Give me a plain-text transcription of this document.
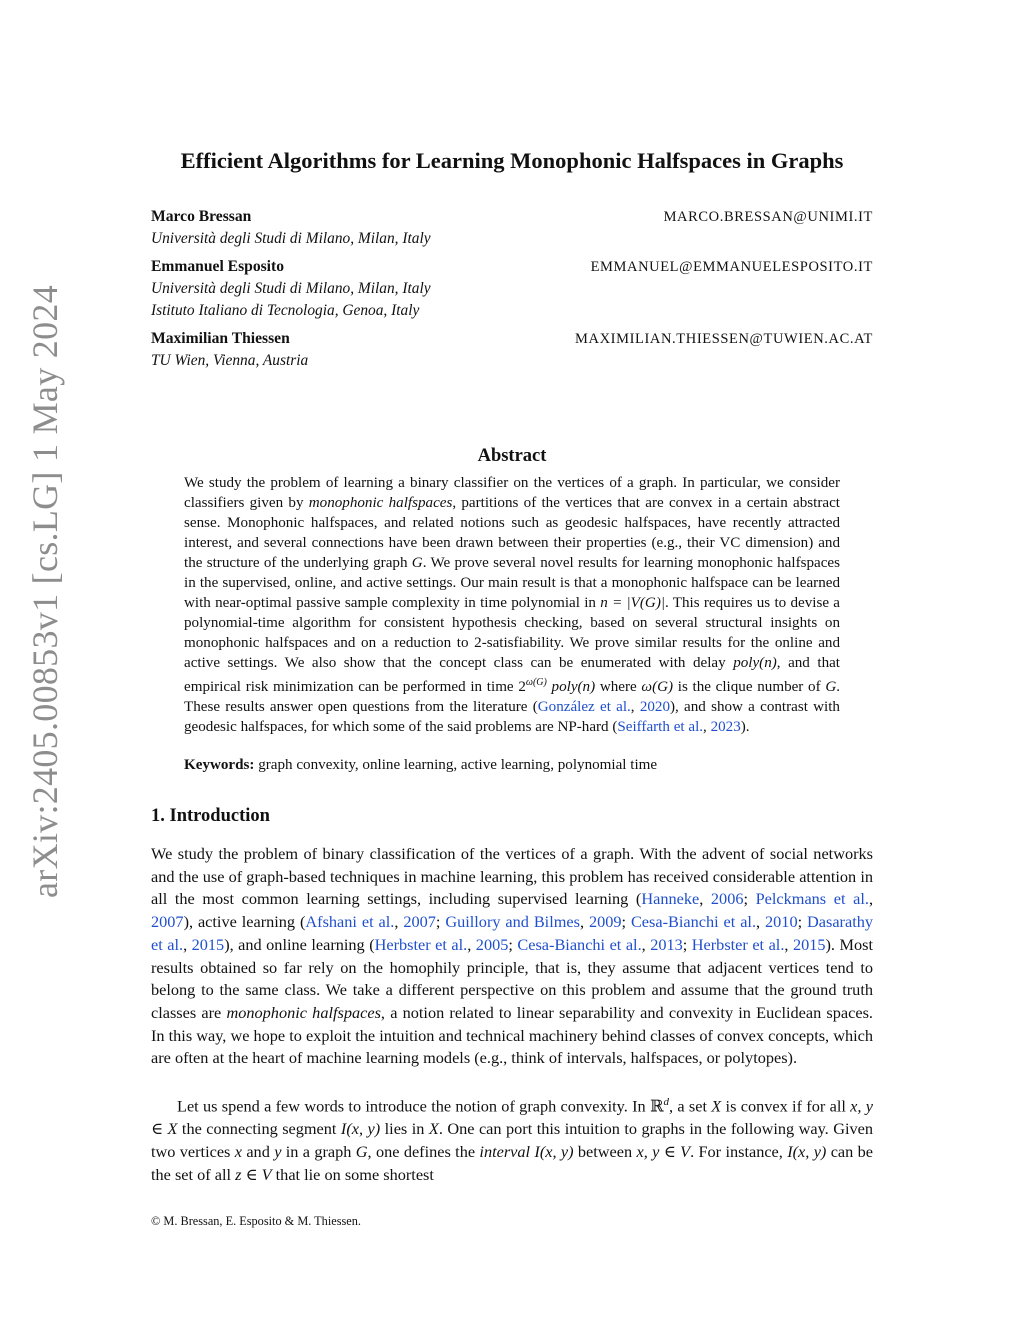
arXiv:2405.00853v1 [cs.LG] 1 May 2024
Efficient Algorithms for Learning Monophonic Halfspaces in Graphs
Marco Bressan	MARCO.BRESSAN@UNIMI.IT
Università degli Studi di Milano, Milan, Italy
Emmanuel Esposito	EMMANUEL@EMMANUELESPOSITO.IT
Università degli Studi di Milano, Milan, Italy
Istituto Italiano di Tecnologia, Genoa, Italy
Maximilian Thiessen	MAXIMILIAN.THIESSEN@TUWIEN.AC.AT
TU Wien, Vienna, Austria
Abstract

We study the problem of learning a binary classifier on the vertices of a graph. In particular, we consider classifiers given by monophonic halfspaces, partitions of the vertices that are convex in a certain abstract sense. Monophonic halfspaces, and related notions such as geodesic halfspaces, have recently attracted interest, and several connections have been drawn between their properties (e.g., their VC dimension) and the structure of the underlying graph G. We prove several novel results for learning monophonic halfspaces in the supervised, online, and active settings. Our main result is that a monophonic halfspace can be learned with near-optimal passive sample complexity in time polynomial in n = |V(G)|. This requires us to devise a polynomial-time algorithm for consistent hypothesis checking, based on several structural insights on monophonic halfspaces and on a reduction to 2-satisfiability. We prove similar results for the online and active settings. We also show that the concept class can be enumerated with delay poly(n), and that empirical risk minimization can be performed in time $2^{\omega(G)}$ poly(n) where ω(G) is the clique number of G. These results answer open questions from the literature (González et al., 2020), and show a contrast with geodesic halfspaces, for which some of the said problems are NP-hard (Seiffarth et al., 2023).

Keywords: graph convexity, online learning, active learning, polynomial time
1. Introduction

We study the problem of binary classification of the vertices of a graph. With the advent of social networks and the use of graph-based techniques in machine learning, this problem has received considerable attention in all the most common learning settings, including supervised learning (Hanneke, 2006; Pelckmans et al., 2007), active learning (Afshani et al., 2007; Guillory and Bilmes, 2009; Cesa-Bianchi et al., 2010; Dasarathy et al., 2015), and online learning (Herbster et al., 2005; Cesa-Bianchi et al., 2013; Herbster et al., 2015). Most results obtained so far rely on the homophily principle, that is, they assume that adjacent vertices tend to belong to the same class. We take a different perspective on this problem and assume that the ground truth classes are monophonic halfspaces, a notion related to linear separability and convexity in Euclidean spaces. In this way, we hope to exploit the intuition and technical machinery behind classes of convex concepts, which are often at the heart of machine learning models (e.g., think of intervals, halfspaces, or polytopes).

Let us spend a few words to introduce the notion of graph convexity. In ℝ$^d$, a set X is convex if for all x, y ∈ X the connecting segment I(x, y) lies in X. One can port this intuition to graphs in the following way. Given two vertices x and y in a graph G, one defines the interval I(x, y) between x, y ∈ V. For instance, I(x, y) can be the set of all z ∈ V that lie on some shortest

© M. Bressan, E. Esposito & M. Thiessen.
